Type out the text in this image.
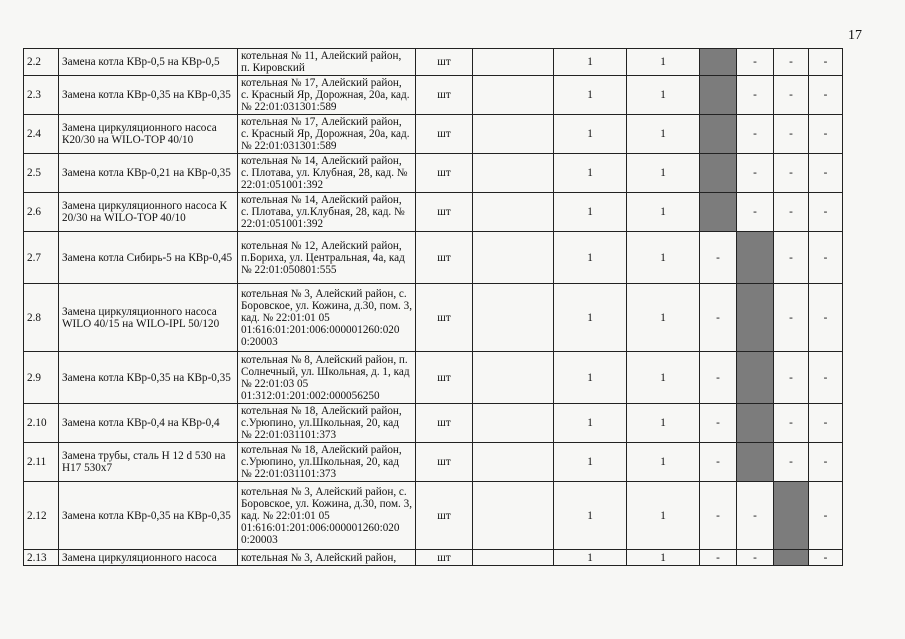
17
2.2	Замена котла КВр-0,5 на КВр-0,5	котельная № 11, Алейский район, п. Кировский	шт		1	1		-	-	-
2.3	Замена котла КВр-0,35 на КВр-0,35	котельная № 17, Алейский район, с. Красный Яр, Дорожная, 20а, кад. № 22:01:031301:589	шт		1	1		-	-	-
2.4	Замена циркуляционного насоса К20/30 на WILO-TOP 40/10	котельная № 17, Алейский район, с. Красный Яр, Дорожная, 20а, кад. № 22:01:031301:589	шт		1	1		-	-	-
2.5	Замена котла КВр-0,21 на КВр-0,35	котельная № 14, Алейский район, с. Плотава, ул. Клубная, 28, кад. № 22:01:051001:392	шт		1	1		-	-	-
2.6	Замена циркуляционного насоса К 20/30 на WILO-TOP 40/10	котельная № 14, Алейский район, с. Плотава, ул.Клубная, 28, кад. № 22:01:051001:392	шт		1	1		-	-	-
2.7	Замена котла Сибирь-5 на КВр-0,45	котельная № 12, Алейский район, п.Бориха, ул. Центральная, 4а, кад № 22:01:050801:555	шт		1	1	-		-	-
2.8	Замена циркуляционного насоса WILO 40/15 на WILO-IPL 50/120	котельная № 3, Алейский район, с. Боровское, ул. Кожина, д.30, пом. 3, кад. № 22:01:01 05 01:616:01:201:006:000001260:020 0:20003	шт		1	1	-		-	-
2.9	Замена котла КВр-0,35 на КВр-0,35	котельная № 8, Алейский район, п. Солнечный, ул. Школьная, д. 1, кад № 22:01:03 05 01:312:01:201:002:000056250	шт		1	1	-		-	-
2.10	Замена котла КВр-0,4 на КВр-0,4	котельная № 18, Алейский район, с.Урюпино, ул.Школьная, 20, кад № 22:01:031101:373	шт		1	1	-		-	-
2.11	Замена трубы, сталь Н 12 d 530 на Н17 530х7	котельная № 18, Алейский район, с.Урюпино, ул.Школьная, 20, кад № 22:01:031101:373	шт		1	1	-		-	-
2.12	Замена котла КВр-0,35 на КВр-0,35	котельная № 3, Алейский район, с. Боровское, ул. Кожина, д.30, пом. 3, кад. № 22:01:01 05 01:616:01:201:006:000001260:020 0:20003	шт		1	1	-	-		-
2.13	Замена циркуляционного насоса	котельная № 3, Алейский район,	шт		1	1	-	-		-
